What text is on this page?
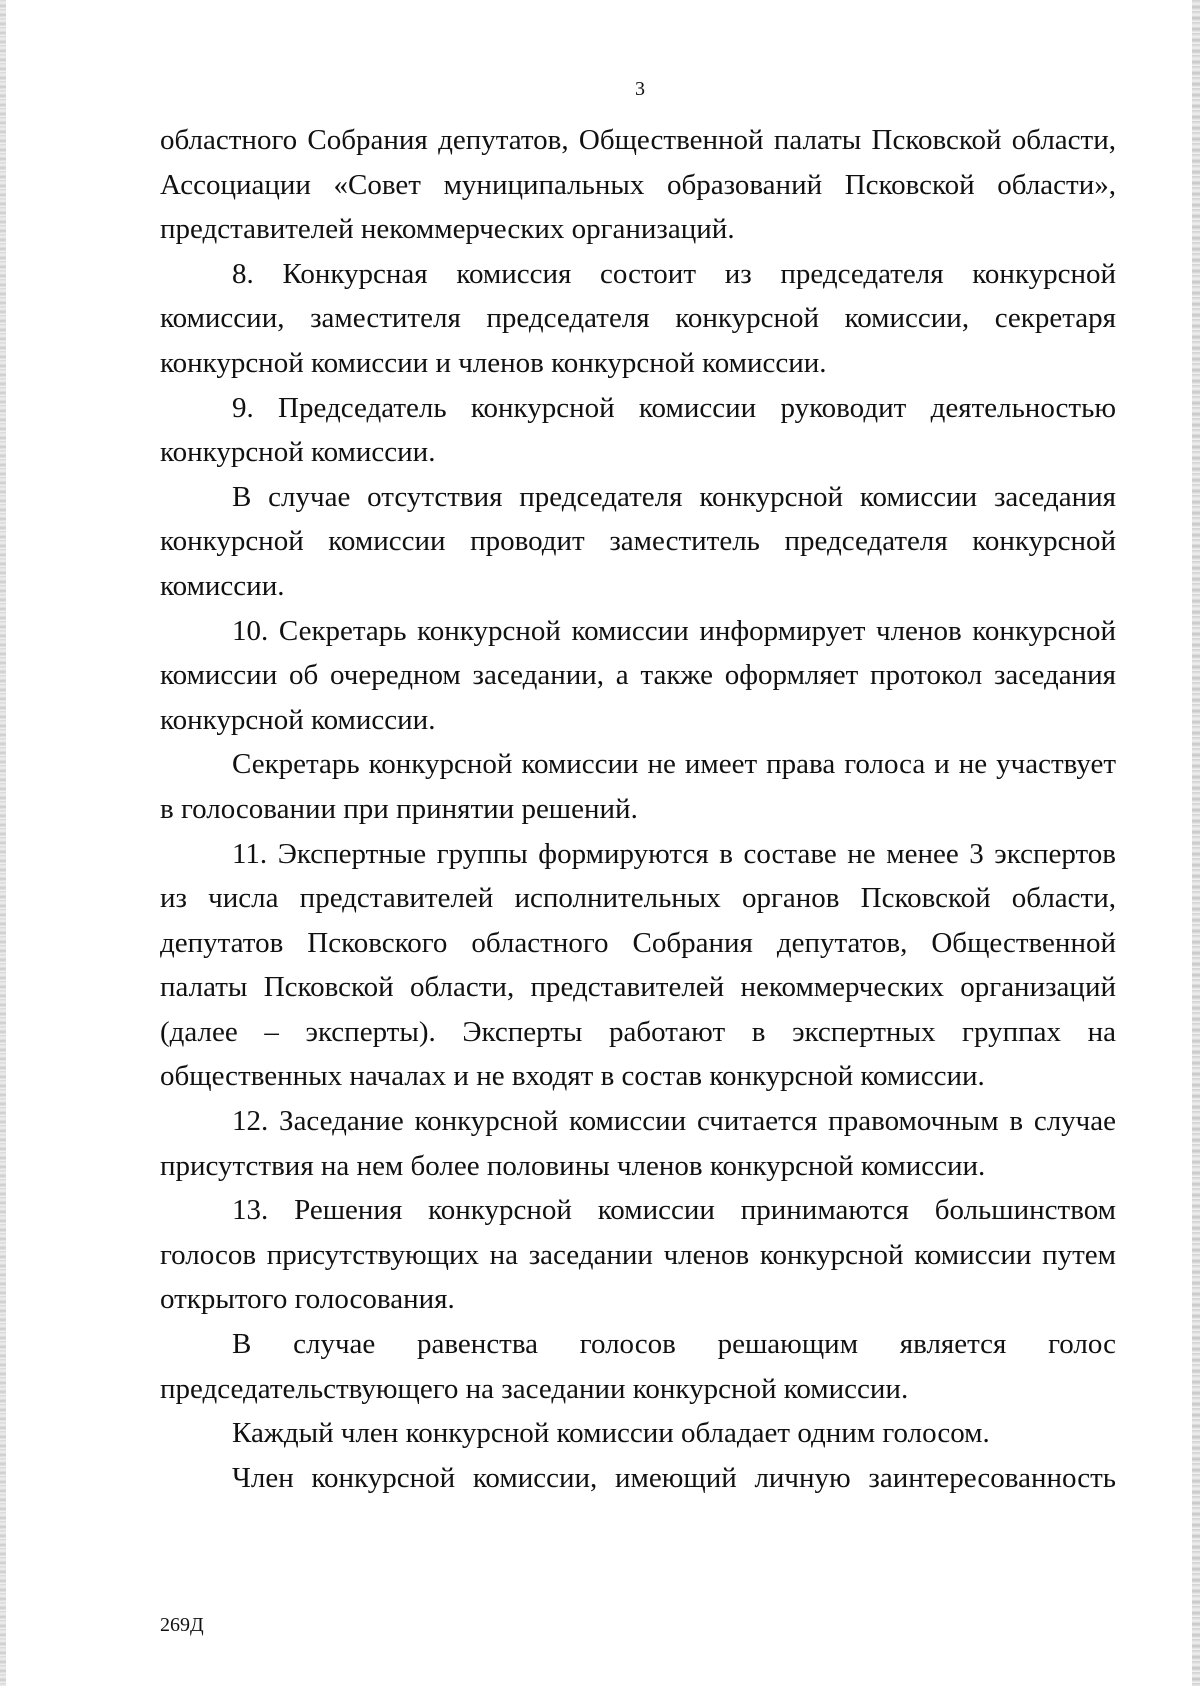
3

областного Собрания депутатов, Общественной палаты Псковской области, Ассоциации «Совет муниципальных образований Псковской области», представителей некоммерческих организаций.

8. Конкурсная комиссия состоит из председателя конкурсной комиссии, заместителя председателя конкурсной комиссии, секретаря конкурсной комиссии и членов конкурсной комиссии.

9. Председатель конкурсной комиссии руководит деятельностью конкурсной комиссии.

В случае отсутствия председателя конкурсной комиссии заседания конкурсной комиссии проводит заместитель председателя конкурсной комиссии.

10. Секретарь конкурсной комиссии информирует членов конкурсной комиссии об очередном заседании, а также оформляет протокол заседания конкурсной комиссии.

Секретарь конкурсной комиссии не имеет права голоса и не участвует в голосовании при принятии решений.

11. Экспертные группы формируются в составе не менее 3 экспертов из числа представителей исполнительных органов Псковской области, депутатов Псковского областного Собрания депутатов, Общественной палаты Псковской области, представителей некоммерческих организаций (далее – эксперты). Эксперты работают в экспертных группах на общественных началах и не входят в состав конкурсной комиссии.

12. Заседание конкурсной комиссии считается правомочным в случае присутствия на нем более половины членов конкурсной комиссии.

13. Решения конкурсной комиссии принимаются большинством голосов присутствующих на заседании членов конкурсной комиссии путем открытого голосования.

В случае равенства голосов решающим является голос председательствующего на заседании конкурсной комиссии.

Каждый член конкурсной комиссии обладает одним голосом.

Член конкурсной комиссии, имеющий личную заинтересованность

269Д
